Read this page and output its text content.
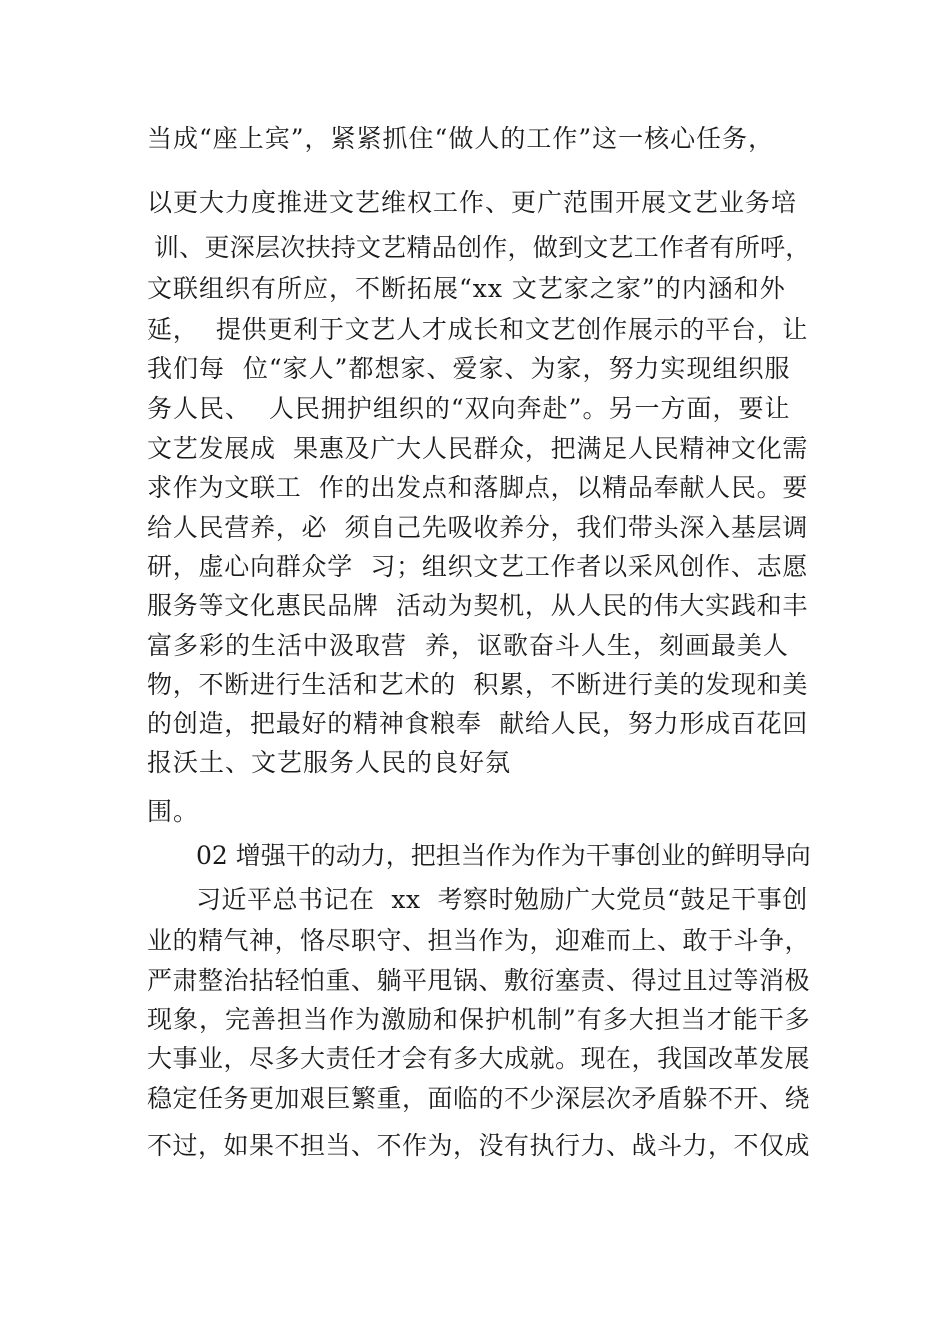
当成“座上宾”，紧紧抓住“做人的工作”这一核心任务，
以更大力度推进文艺维权工作、更广范围开展文艺业务培
训、更深层次扶持文艺精品创作，做到文艺工作者有所呼，
文联组织有所应，不断拓展“xx 文艺家之家”的内涵和外
延，  提供更利于文艺人才成长和文艺创作展示的平台，让
我们每  位“家人”都想家、爱家、为家，努力实现组织服
务人民、  人民拥护组织的“双向奔赴”。另一方面，要让
文艺发展成  果惠及广大人民群众，把满足人民精神文化需
求作为文联工  作的出发点和落脚点，以精品奉献人民。要
给人民营养，必  须自己先吸收养分，我们带头深入基层调
研，虚心向群众学  习；组织文艺工作者以采风创作、志愿
服务等文化惠民品牌  活动为契机，从人民的伟大实践和丰
富多彩的生活中汲取营  养，讴歌奋斗人生，刻画最美人
物，不断进行生活和艺术的  积累，不断进行美的发现和美
的创造，把最好的精神食粮奉  献给人民，努力形成百花回
报沃土、文艺服务人民的良好氛
围。
02 增强干的动力，把担当作为作为干事创业的鲜明导向
习近平总书记在  xx  考察时勉励广大党员“鼓足干事创
业的精气神，恪尽职守、担当作为，迎难而上、敢于斗争，
严肃整治拈轻怕重、躺平甩锅、敷衍塞责、得过且过等消极
现象，完善担当作为激励和保护机制”有多大担当才能干多
大事业，尽多大责任才会有多大成就。现在，我国改革发展
稳定任务更加艰巨繁重，面临的不少深层次矛盾躲不开、绕
不过，如果不担当、不作为，没有执行力、战斗力，不仅成
